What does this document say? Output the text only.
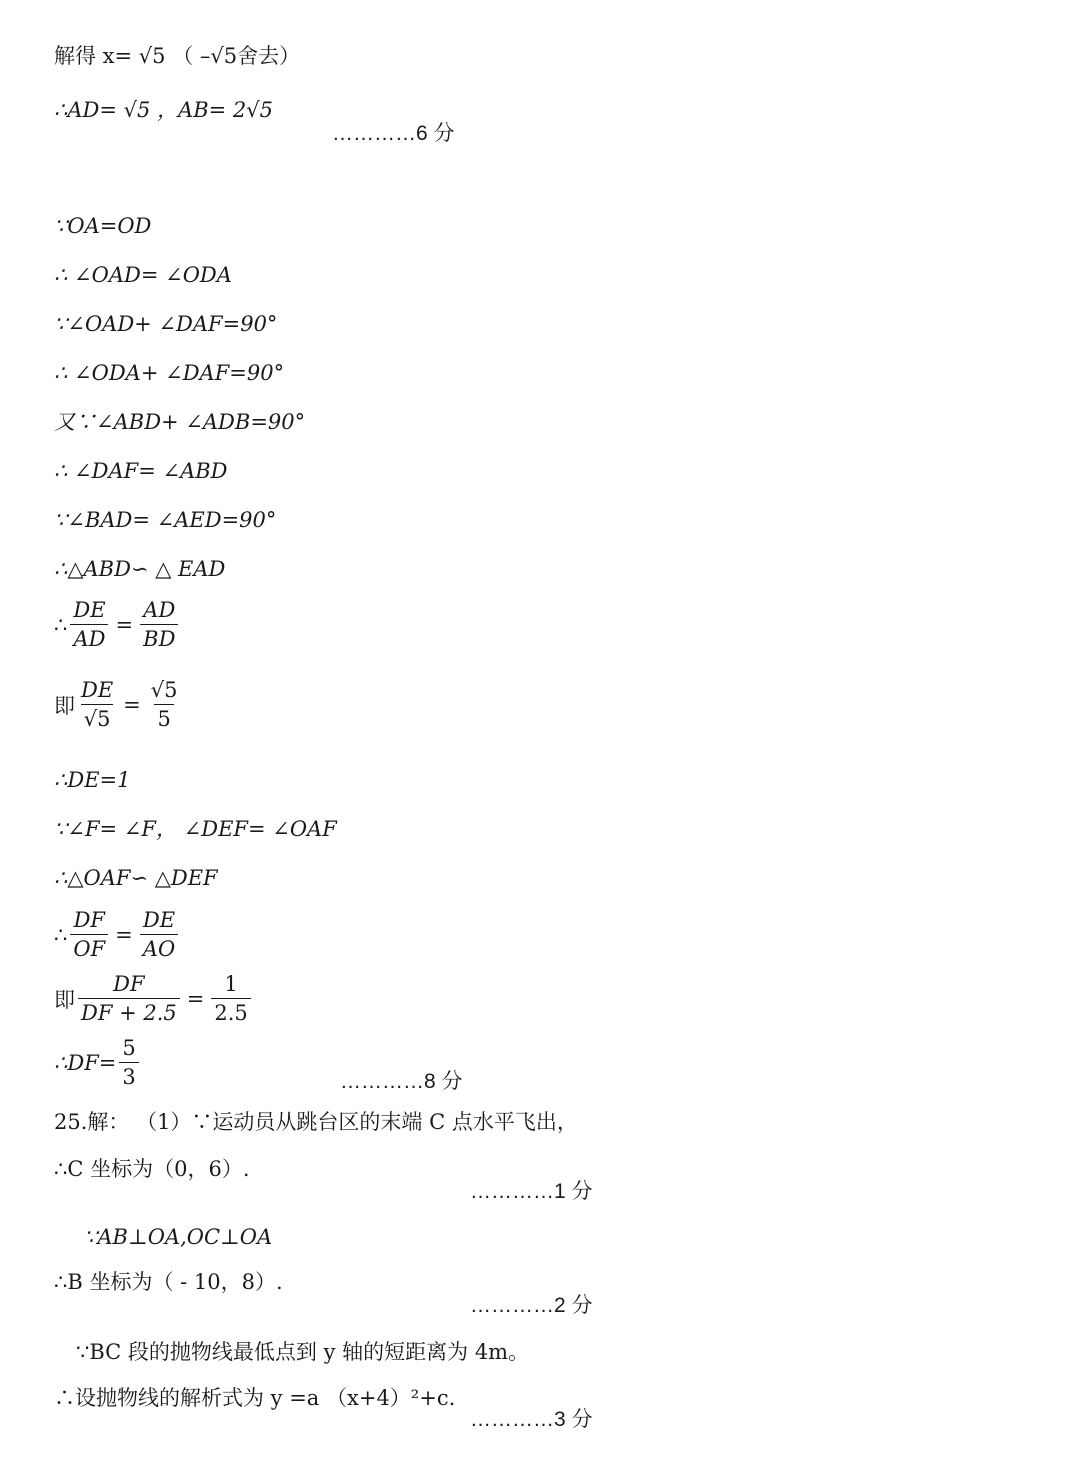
解得 x= √5 （ –√5舍去）
∴AD= √5 ，AB= 2√5
…………6 分
∵OA=OD
∴ ∠OAD= ∠ODA
∵∠OAD+ ∠DAF=90°
∴ ∠ODA+ ∠DAF=90°
又∵∠ABD+ ∠ADB=90°
∴ ∠DAF= ∠ABD
∵∠BAD= ∠AED=90°
∴△ABD∽ △ EAD
∴ $\frac{DE}{AD} = \frac{AD}{BD}$
即 $\frac{DE}{√5} = \frac{√5}{5}$
∴DE=1
∵∠F= ∠F， ∠DEF= ∠OAF
∴△OAF∽ △DEF
∴ $\frac{DF}{OF} = \frac{DE}{AO}$
即 $\frac{DF}{DF + 2.5} = \frac{1}{2.5}$
∴DF= $\frac{5}{3}$	…………8 分
25.解： （1）∵运动员从跳台区的末端 C 点水平飞出，
∴C 坐标为（0，6）.
…………1 分
∵AB⊥OA,OC⊥OA
∴B 坐标为（ - 10，8）.
…………2 分
∵BC 段的抛物线最低点到 y 轴的短距离为 4m。
∴设抛物线的解析式为 y =a （x+4）²+c.
…………3 分
